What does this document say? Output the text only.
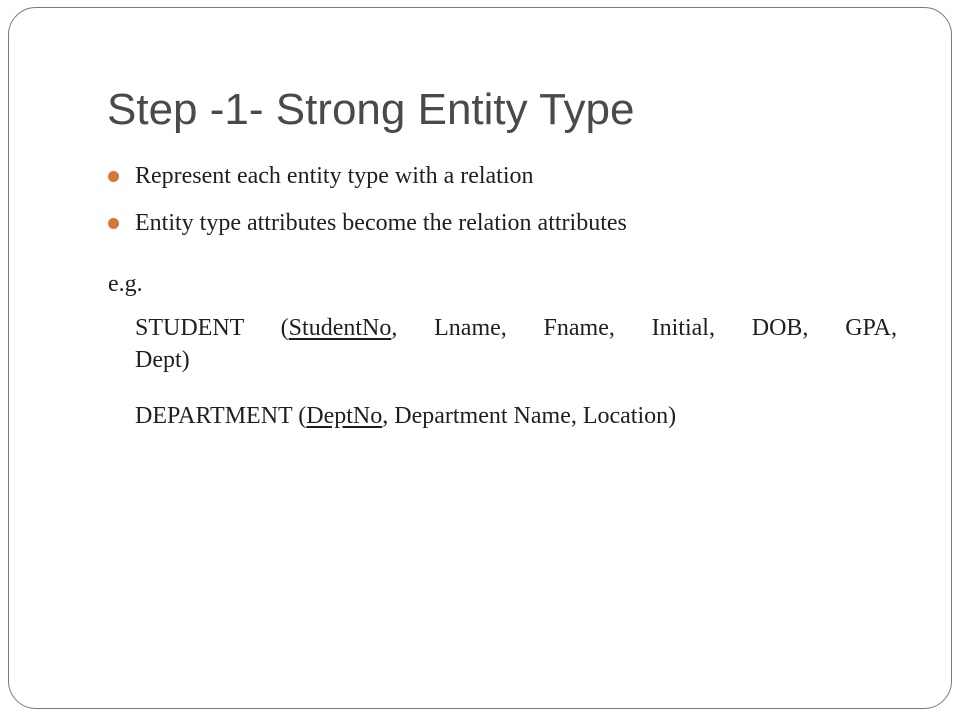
Step -1- Strong Entity Type
Represent each entity type with a relation
Entity type attributes become the relation attributes
e.g.
STUDENT (StudentNo, Lname, Fname, Initial, DOB, GPA,
Dept)
DEPARTMENT (DeptNo, Department Name, Location)
